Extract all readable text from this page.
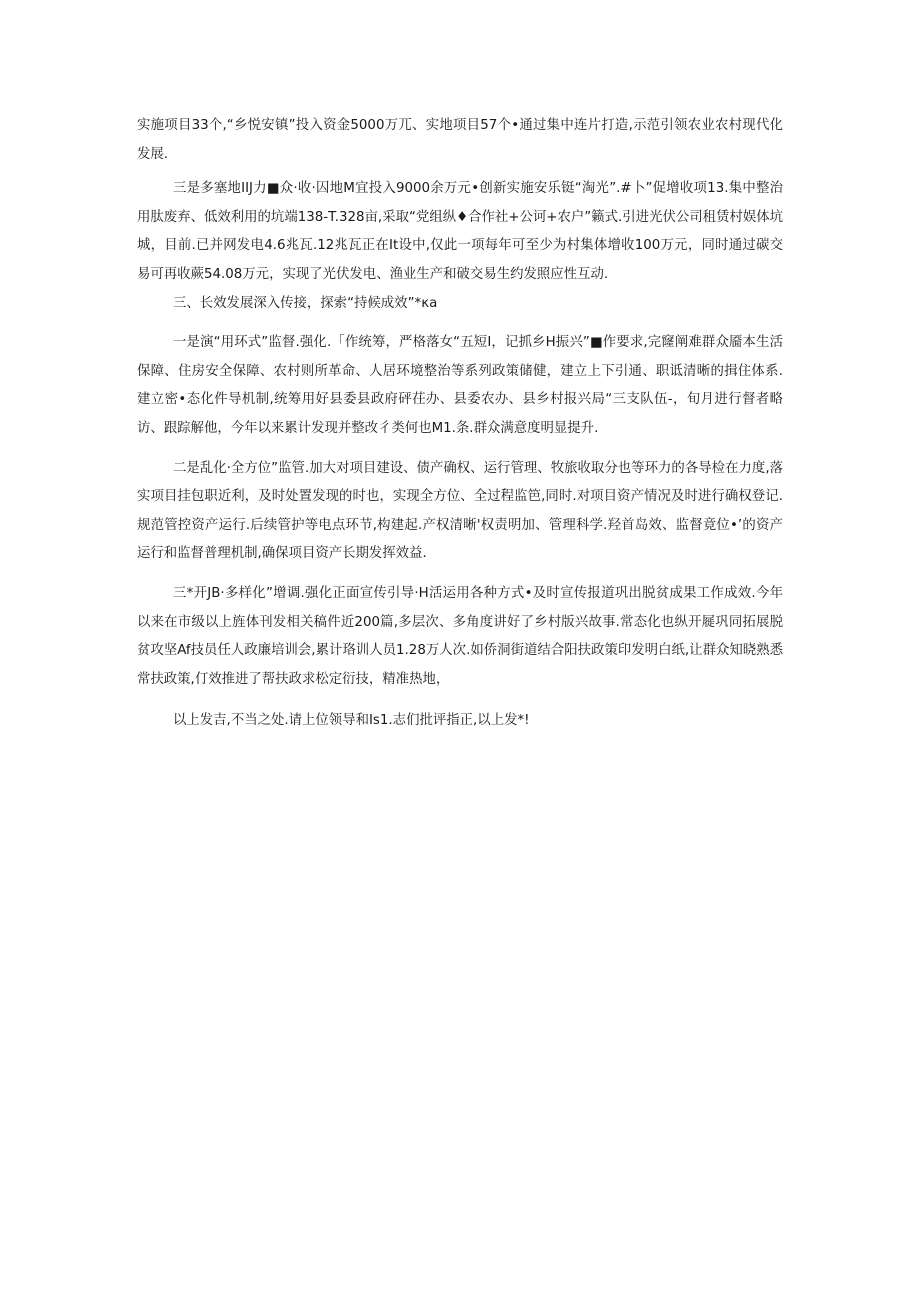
实施项目33个,“乡悦安镇”投入资金5000万兀、实地项目57个•通过集中连片打造,示范引领农业农村现代化发展.

三是多塞地IIJ力■众·收·囚地M宜投入9000余万元•创新实施安乐铤“淘光”.#卜”促增收项13.集中整治用肽废弃、低效利用的坑端138-T.328亩,采取“党组纵♦合作社+公诃+农户”籁式.引进光伏公司租赁村娱体坑城，目前.已并网发电4.6兆瓦.12兆瓦正在It设中,仅此一项每年可至少为村集体增收100万元，同时通过碳交易可再收蕨54.08万元，实现了光伏发电、渔业生产和破交易生约发照应性互动.

三、长效发展深入传接，探索“持候成效”*κa

一是演“用环式”监督.强化.「作统筹，严格落女“五短I，记抓乡H振兴”■作要求,完窿阐难群众靥本生活保障、住房安全保障、农村则所革命、人居环境整治等系列政策储健，建立上下引通、职诋清晰的揖住体系.建立密•态化件导机制,统筹用好县委县政府砰茌办、县委农办、县乡村报兴局“三支队伍-，旬月进行督者略访、跟踪解他，今年以来累计发现并整改彳类何也M1.条.群众满意度明显提升.

二是乱化·全方位”监管.加大对项目建设、债产确权、运行管理、牧旅收取分也等环力的各导检在力度,落实项目挂包职近利，及时处置发现的时也，实现全方位、全过程监笆,同时.对项目资产情况及时进行确权登记.规范管控资产运行.后续管护等电点环节,构建起.产权清晰'权责明加、管理科学.羟首岛效、监督竟位•’的资产运行和监督普理机制,确保项目资产长期发挥效益.

三*开JB·多样化”增调.强化正面宣传引导·H活运用各种方式•及时宣传报道巩出脱贫成果工作成效.今年以来在市级以上旌体刊发相关稿件近200篇,多层次、多角度讲好了乡村版兴故事.常态化也纵开屣巩同拓展脱贫攻坚Af技员任人政廉培训会,累计珞训人员1.28万人次.如侨洞街道结合阳扶政策印发明白纸,让群众知晓熟悉常扶政策,仃效推进了帮扶政求松定衍技，精准热地，

以上发吉,不当之处.请上位领导和Is1.志们批评指正,以上发*!
